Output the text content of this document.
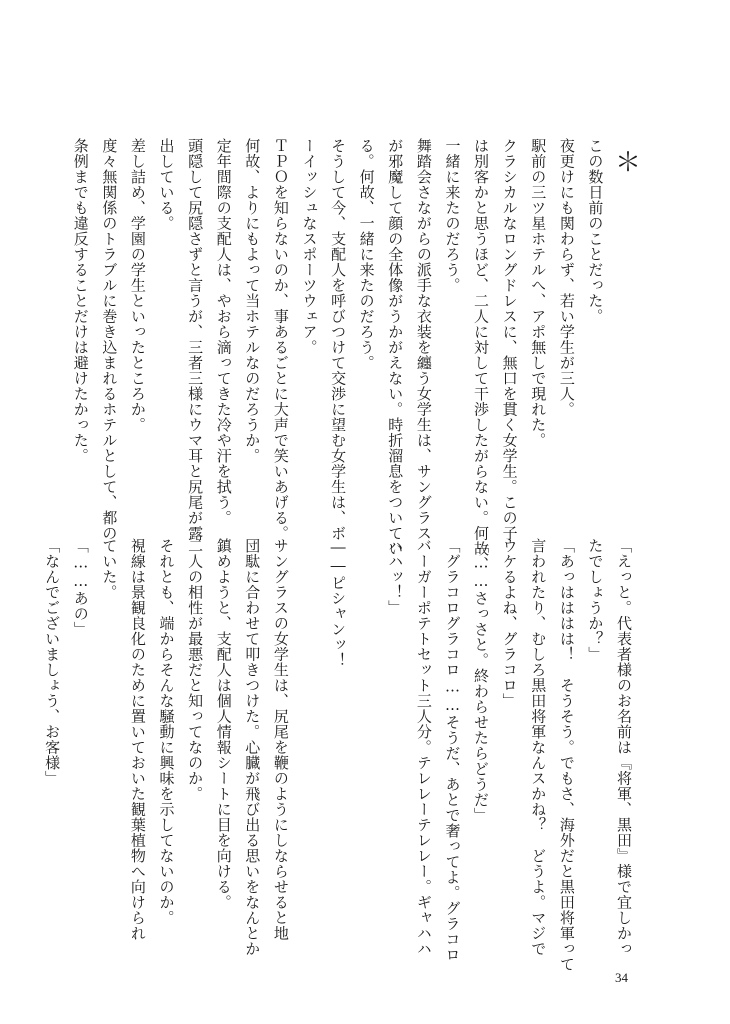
＊
この数日前のことだった。
夜更けにも関わらず、若い学生が三人。
駅前の三ツ星ホテルへ、アポ無しで現れた。
クラシカルなロングドレスに、無口を貫く女学生。この子
は別客かと思うほど、二人に対して干渉したがらない。何故、
一緒に来たのだろう。
舞踏会さながらの派手な衣装を纏う女学生は、サングラス
が邪魔して顔の全体像がうかがえない。時折溜息をついてい
る。何故、一緒に来たのだろう。
そうして今、支配人を呼びつけて交渉に望む女学生は、ボ
ーイッシュなスポーツウェア。
ＴＰＯを知らないのか、事あるごとに大声で笑いあげる。
何故、よりにもよって当ホテルなのだろうか。
定年間際の支配人は、やおら滴ってきた冷や汗を拭う。
頭隠して尻隠さずと言うが、三者三様にウマ耳と尻尾が露
出している。
差し詰め、学園の学生といったところか。
度々無関係のトラブルに巻き込まれるホテルとして、都の
条例までも違反することだけは避けたかった。
「えっと。代表者様のお名前は『将軍、黒田』様で宜しかっ
たでしょうか？」
「あっはははは！　そうそう。でもさ、海外だと黒田将軍って
言われたり、むしろ黒田将軍なんスかね？　どうよ。マジで
ウケるよね、グラコロ」
「……さっさと。終わらせたらどうだ」
「グラコログラコロ……そうだ、あとで奢ってよ。グラコロ
バーガーポテトセット三人分。テレレーテレレー。ギャハハ
ハハッ！」
――ピシャンッ！
サングラスの女学生は、尻尾を鞭のようにしならせると地
団駄に合わせて叩きつけた。心臓が飛び出る思いをなんとか
鎮めようと、支配人は個人情報シートに目を向ける。
二人の相性が最悪だと知ってなのか。
それとも、端からそんな騒動に興味を示してないのか。
視線は景観良化のために置いておいた観葉植物へ向けられ
ていた。
「……あの」
「なんでございましょう、お客様」
34
